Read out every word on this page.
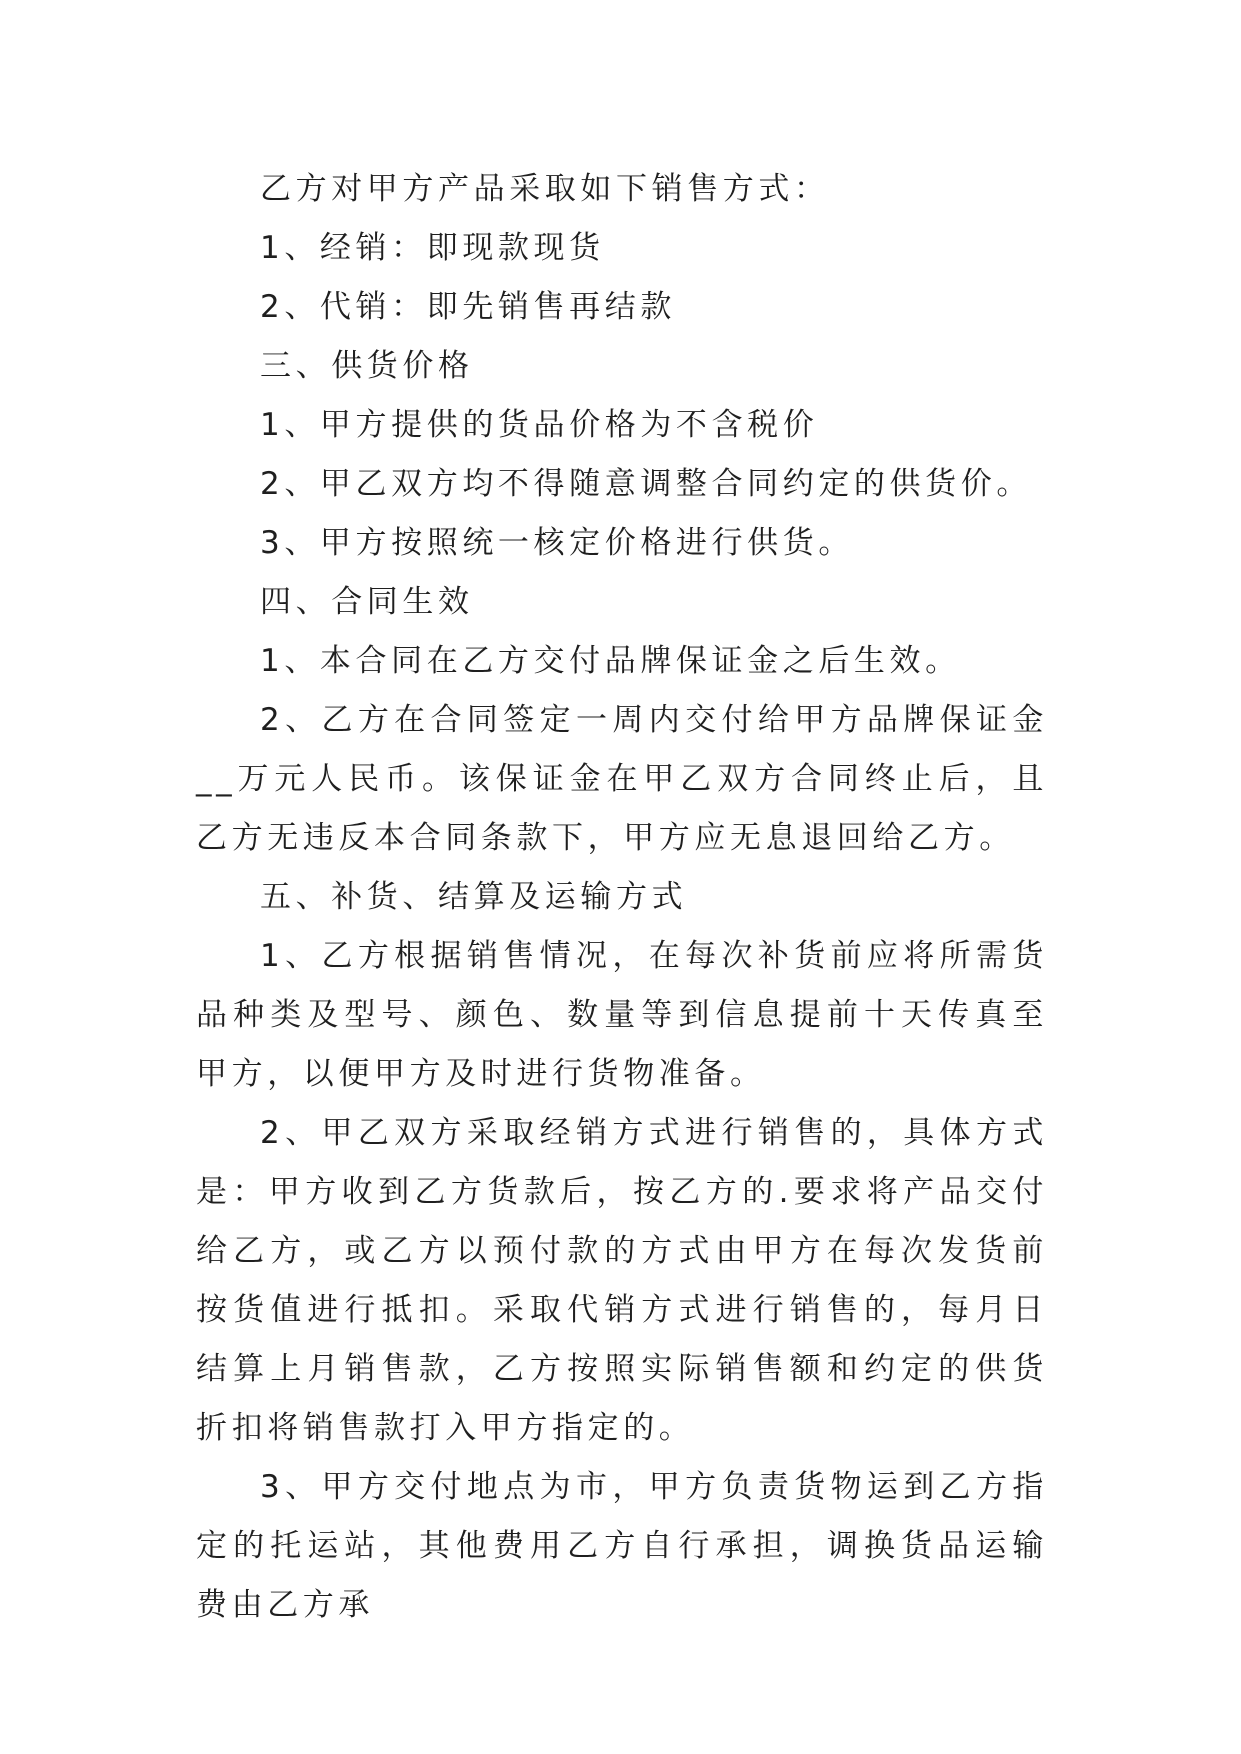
乙方对甲方产品采取如下销售方式：

1、经销：即现款现货

2、代销：即先销售再结款

三、供货价格

1、甲方提供的货品价格为不含税价

2、甲乙双方均不得随意调整合同约定的供货价。

3、甲方按照统一核定价格进行供货。

四、合同生效

1、本合同在乙方交付品牌保证金之后生效。

2、乙方在合同签定一周内交付给甲方品牌保证金__万元人民币。该保证金在甲乙双方合同终止后，且乙方无违反本合同条款下，甲方应无息退回给乙方。

五、补货、结算及运输方式

1、乙方根据销售情况，在每次补货前应将所需货品种类及型号、颜色、数量等到信息提前十天传真至甲方，以便甲方及时进行货物准备。

2、甲乙双方采取经销方式进行销售的，具体方式是：甲方收到乙方货款后，按乙方的.要求将产品交付给乙方，或乙方以预付款的方式由甲方在每次发货前按货值进行抵扣。采取代销方式进行销售的，每月日结算上月销售款，乙方按照实际销售额和约定的供货折扣将销售款打入甲方指定的。

3、甲方交付地点为市，甲方负责货物运到乙方指定的托运站，其他费用乙方自行承担，调换货品运输费由乙方承
